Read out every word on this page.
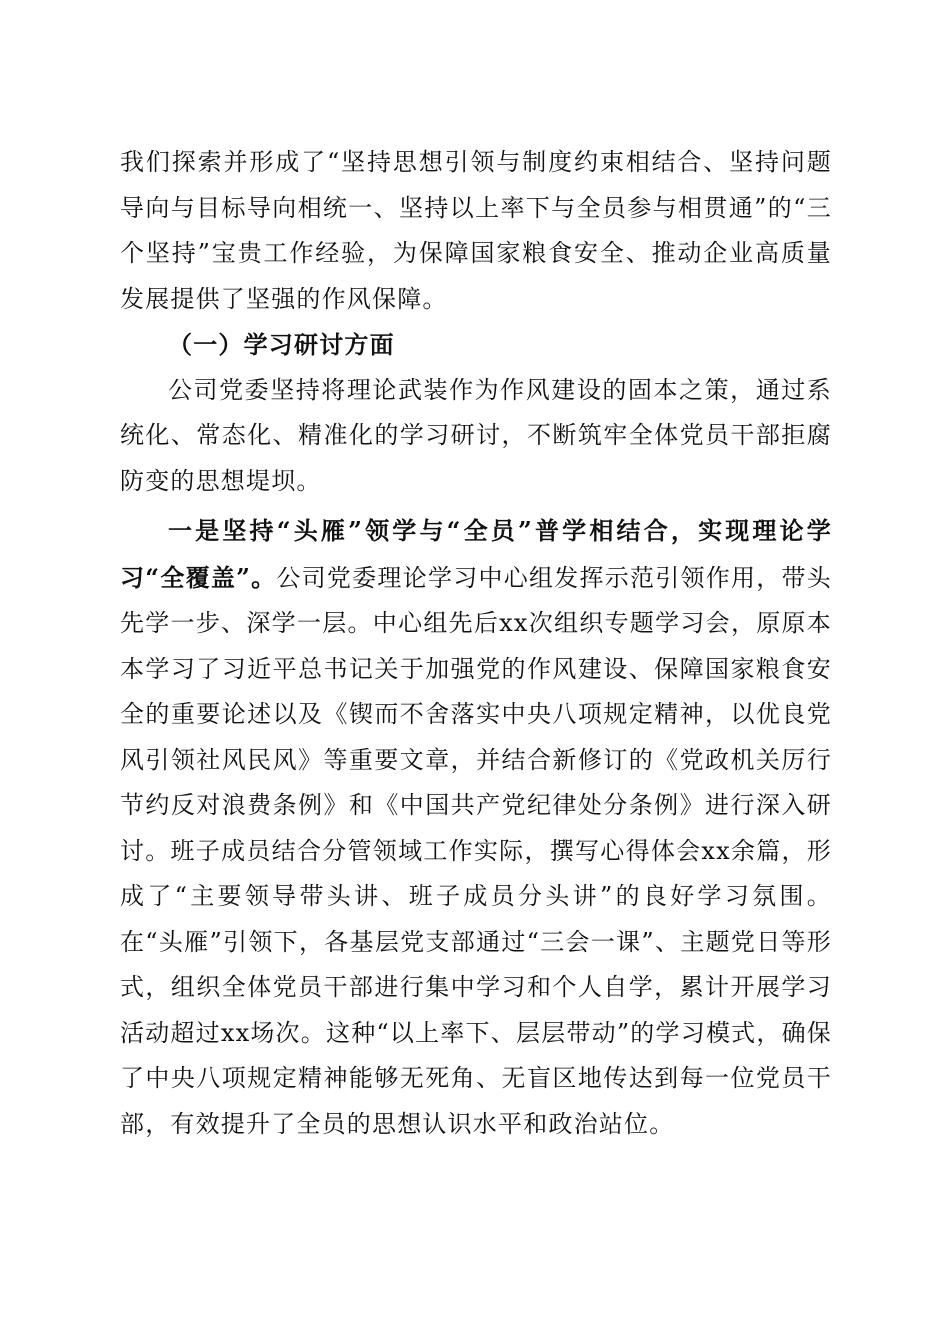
我们探索并形成了“坚持思想引领与制度约束相结合、坚持问题导向与目标导向相统一、坚持以上率下与全员参与相贯通”的“三个坚持”宝贵工作经验，为保障国家粮食安全、推动企业高质量发展提供了坚强的作风保障。

（一）学习研讨方面

公司党委坚持将理论武装作为作风建设的固本之策，通过系统化、常态化、精准化的学习研讨，不断筑牢全体党员干部拒腐防变的思想堤坝。

一是坚持“头雁”领学与“全员”普学相结合，实现理论学习“全覆盖”。公司党委理论学习中心组发挥示范引领作用，带头先学一步、深学一层。中心组先后xx次组织专题学习会，原原本本学习了习近平总书记关于加强党的作风建设、保障国家粮食安全的重要论述以及《锲而不舍落实中央八项规定精神，以优良党风引领社风民风》等重要文章，并结合新修订的《党政机关厉行节约反对浪费条例》和《中国共产党纪律处分条例》进行深入研讨。班子成员结合分管领域工作实际，撰写心得体会xx余篇，形成了“主要领导带头讲、班子成员分头讲”的良好学习氛围。在“头雁”引领下，各基层党支部通过“三会一课”、主题党日等形式，组织全体党员干部进行集中学习和个人自学，累计开展学习活动超过xx场次。这种“以上率下、层层带动”的学习模式，确保了中央八项规定精神能够无死角、无盲区地传达到每一位党员干部，有效提升了全员的思想认识水平和政治站位。
